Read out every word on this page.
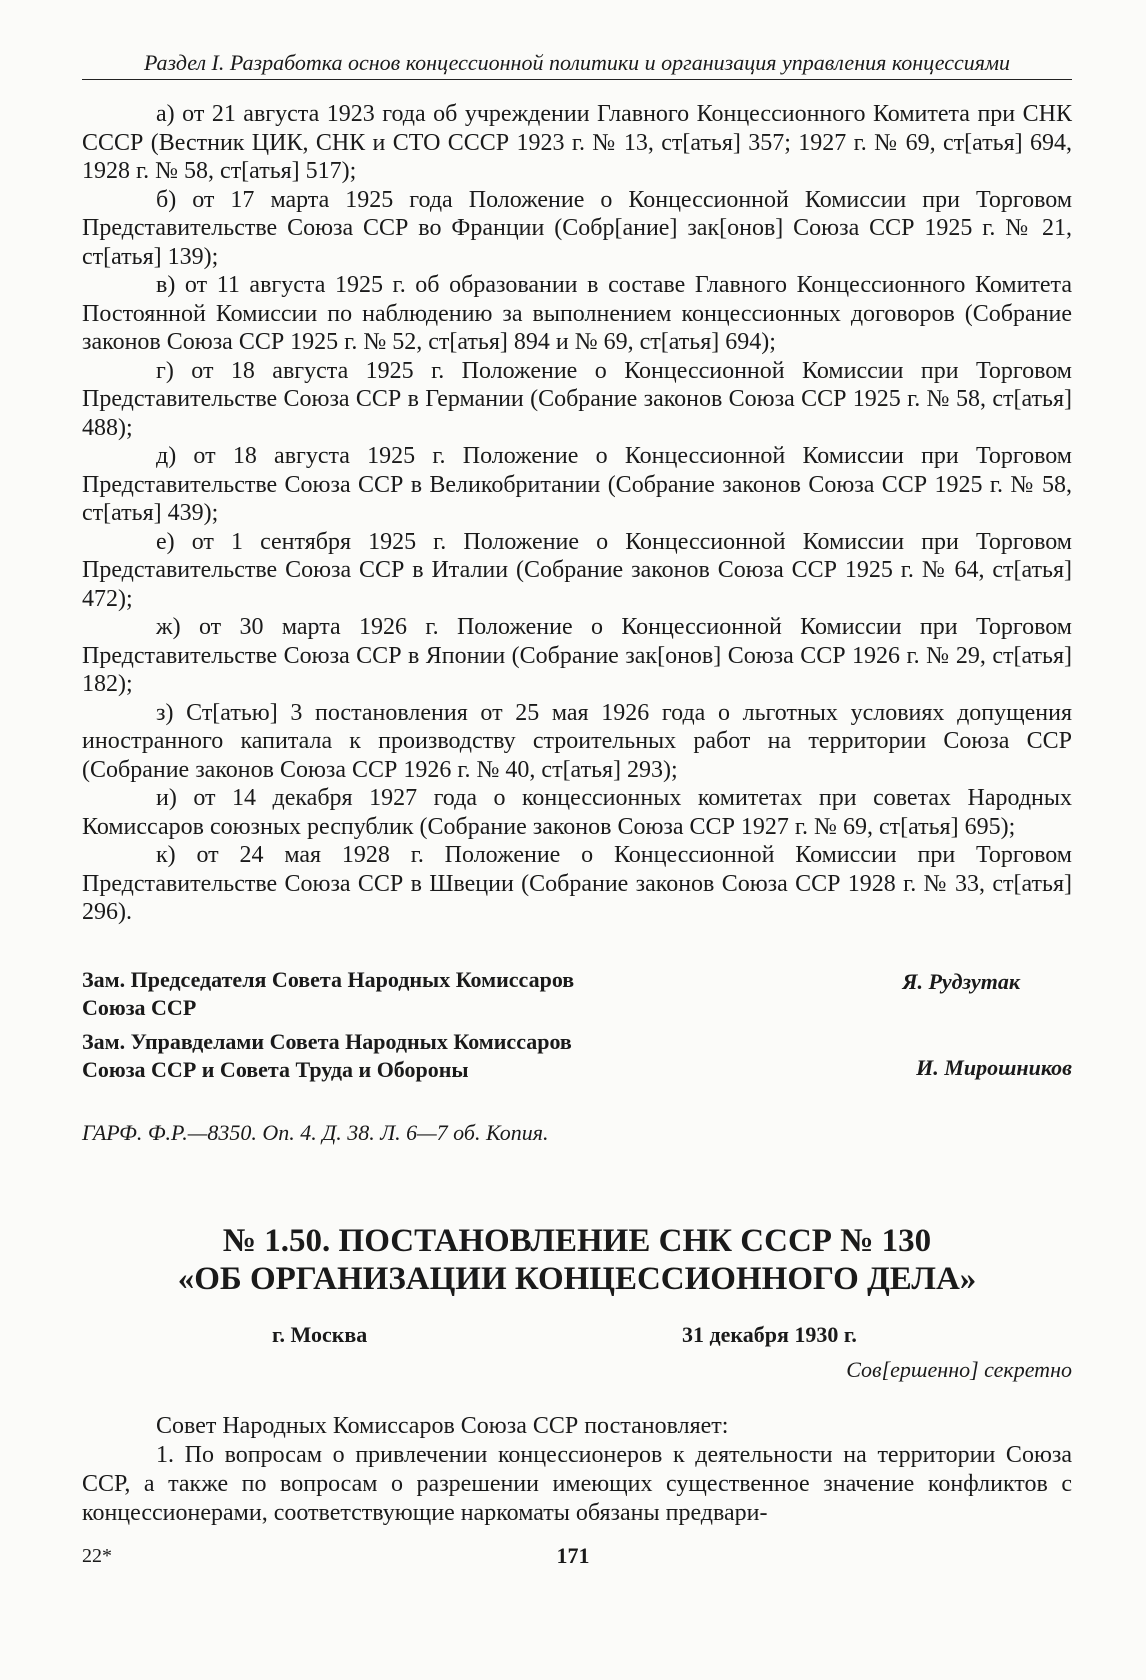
Раздел I. Разработка основ концессионной политики и организация управления концессиями

а) от 21 августа 1923 года об учреждении Главного Концессионного Комитета при СНК СССР (Вестник ЦИК, СНК и СТО СССР 1923 г. № 13, ст[атья] 357; 1927 г. № 69, ст[атья] 694, 1928 г. № 58, ст[атья] 517);

б) от 17 марта 1925 года Положение о Концессионной Комиссии при Торговом Представительстве Союза ССР во Франции (Собр[ание] зак[онов] Союза ССР 1925 г. № 21, ст[атья] 139);

в) от 11 августа 1925 г. об образовании в составе Главного Концессионного Комитета Постоянной Комиссии по наблюдению за выполнением концессионных договоров (Собрание законов Союза ССР 1925 г. № 52, ст[атья] 894 и № 69, ст[атья] 694);

г) от 18 августа 1925 г. Положение о Концессионной Комиссии при Торговом Представительстве Союза ССР в Германии (Собрание законов Союза ССР 1925 г. № 58, ст[атья] 488);

д) от 18 августа 1925 г. Положение о Концессионной Комиссии при Торговом Представительстве Союза ССР в Великобритании (Собрание законов Союза ССР 1925 г. № 58, ст[атья] 439);

е) от 1 сентября 1925 г. Положение о Концессионной Комиссии при Торговом Представительстве Союза ССР в Италии (Собрание законов Союза ССР 1925 г. № 64, ст[атья] 472);

ж) от 30 марта 1926 г. Положение о Концессионной Комиссии при Торговом Представительстве Союза ССР в Японии (Собрание зак[онов] Союза ССР 1926 г. № 29, ст[атья] 182);

з) Ст[атью] 3 постановления от 25 мая 1926 года о льготных условиях допущения иностранного капитала к производству строительных работ на территории Союза ССР (Собрание законов Союза ССР 1926 г. № 40, ст[атья] 293);

и) от 14 декабря 1927 года о концессионных комитетах при советах Народных Комиссаров союзных республик (Собрание законов Союза ССР 1927 г. № 69, ст[атья] 695);

к) от 24 мая 1928 г. Положение о Концессионной Комиссии при Торговом Представительстве Союза ССР в Швеции (Собрание законов Союза ССР 1928 г. № 33, ст[атья] 296).

Зам. Председателя Совета Народных Комиссаров
Союза ССР
Я. Рудзутак
Зам. Управделами Совета Народных Комиссаров
Союза ССР и Совета Труда и Обороны	И. Мирошников
ГАРФ. Ф.Р.—8350. Оп. 4. Д. 38. Л. 6—7 об. Копия.
№ 1.50. ПОСТАНОВЛЕНИЕ СНК СССР № 130
«ОБ ОРГАНИЗАЦИИ КОНЦЕССИОННОГО ДЕЛА»
г. Москва	31 декабря 1930 г.
Сов[ершенно] секретно

Совет Народных Комиссаров Союза ССР постановляет:

1. По вопросам о привлечении концессионеров к деятельности на территории Союза ССР, а также по вопросам о разрешении имеющих существенное значение конфликтов с концессионерами, соответствующие наркоматы обязаны предвари-

22*	171
